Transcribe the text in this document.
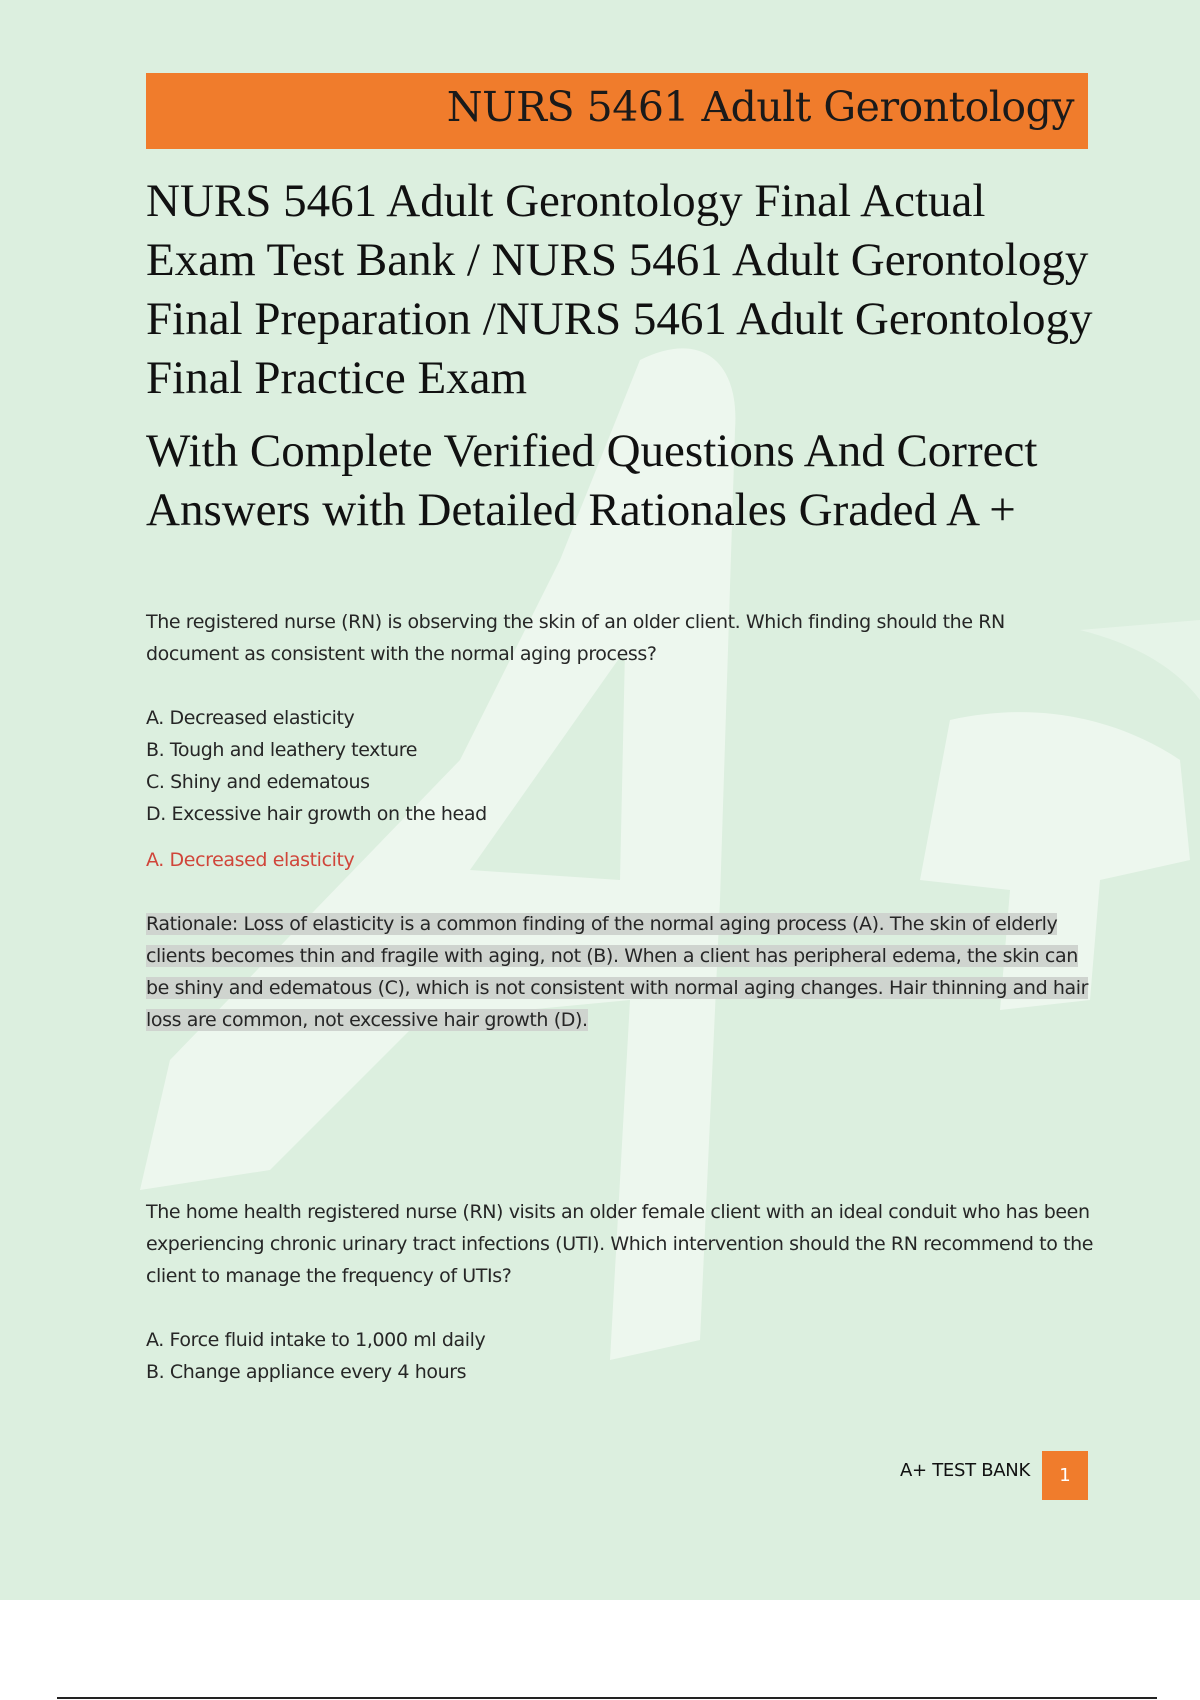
NURS 5461 Adult Gerontology
NURS 5461 Adult Gerontology Final Actual Exam Test Bank / NURS 5461 Adult Gerontology Final Preparation /NURS 5461 Adult Gerontology Final Practice Exam
With Complete Verified Questions And Correct Answers with Detailed Rationales Graded A +

The registered nurse (RN) is observing the skin of an older client. Which finding should the RN document as consistent with the normal aging process?

A. Decreased elasticity
B. Tough and leathery texture
C. Shiny and edematous
D. Excessive hair growth on the head
A. Decreased elasticity

Rationale: Loss of elasticity is a common finding of the normal aging process (A). The skin of elderly clients becomes thin and fragile with aging, not (B). When a client has peripheral edema, the skin can be shiny and edematous (C), which is not consistent with normal aging changes. Hair thinning and hair loss are common, not excessive hair growth (D).

The home health registered nurse (RN) visits an older female client with an ideal conduit who has been experiencing chronic urinary tract infections (UTI). Which intervention should the RN recommend to the client to manage the frequency of UTIs?

A. Force fluid intake to 1,000 ml daily
B. Change appliance every 4 hours
A+ TEST BANK	1
